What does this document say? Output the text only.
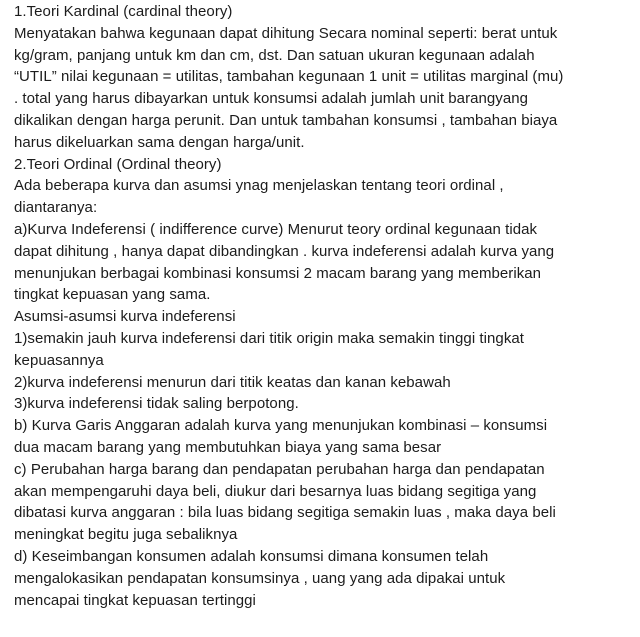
1.Teori Kardinal (cardinal theory)
Menyatakan bahwa kegunaan dapat dihitung Secara nominal seperti: berat untuk
kg/gram, panjang untuk km dan cm, dst. Dan satuan ukuran kegunaan adalah
“UTIL” nilai kegunaan = utilitas, tambahan kegunaan 1 unit = utilitas marginal (mu)
. total yang harus dibayarkan untuk konsumsi adalah jumlah unit barangyang
dikalikan dengan harga perunit. Dan untuk tambahan konsumsi , tambahan biaya
harus dikeluarkan sama dengan harga/unit.
2.Teori Ordinal (Ordinal theory)
Ada beberapa kurva dan asumsi ynag menjelaskan tentang teori ordinal ,
diantaranya:
a)Kurva Indeferensi ( indifference curve) Menurut teory ordinal kegunaan tidak
dapat dihitung , hanya dapat dibandingkan . kurva indeferensi adalah kurva yang
menunjukan berbagai kombinasi konsumsi 2 macam barang yang memberikan
tingkat kepuasan yang sama.
Asumsi-asumsi kurva indeferensi
1)semakin jauh kurva indeferensi dari titik origin maka semakin tinggi tingkat
kepuasannya
2)kurva indeferensi menurun dari titik keatas dan kanan kebawah
3)kurva indeferensi tidak saling berpotong.
b) Kurva Garis Anggaran adalah kurva yang menunjukan kombinasi – konsumsi
dua macam barang yang membutuhkan biaya yang sama besar
c) Perubahan harga barang dan pendapatan perubahan harga dan pendapatan
akan mempengaruhi daya beli, diukur dari besarnya luas bidang segitiga yang
dibatasi kurva anggaran : bila luas bidang segitiga semakin luas , maka daya beli
meningkat begitu juga sebaliknya
d) Keseimbangan konsumen adalah konsumsi dimana konsumen telah
mengalokasikan pendapatan konsumsinya , uang yang ada dipakai untuk
mencapai tingkat kepuasan tertinggi
